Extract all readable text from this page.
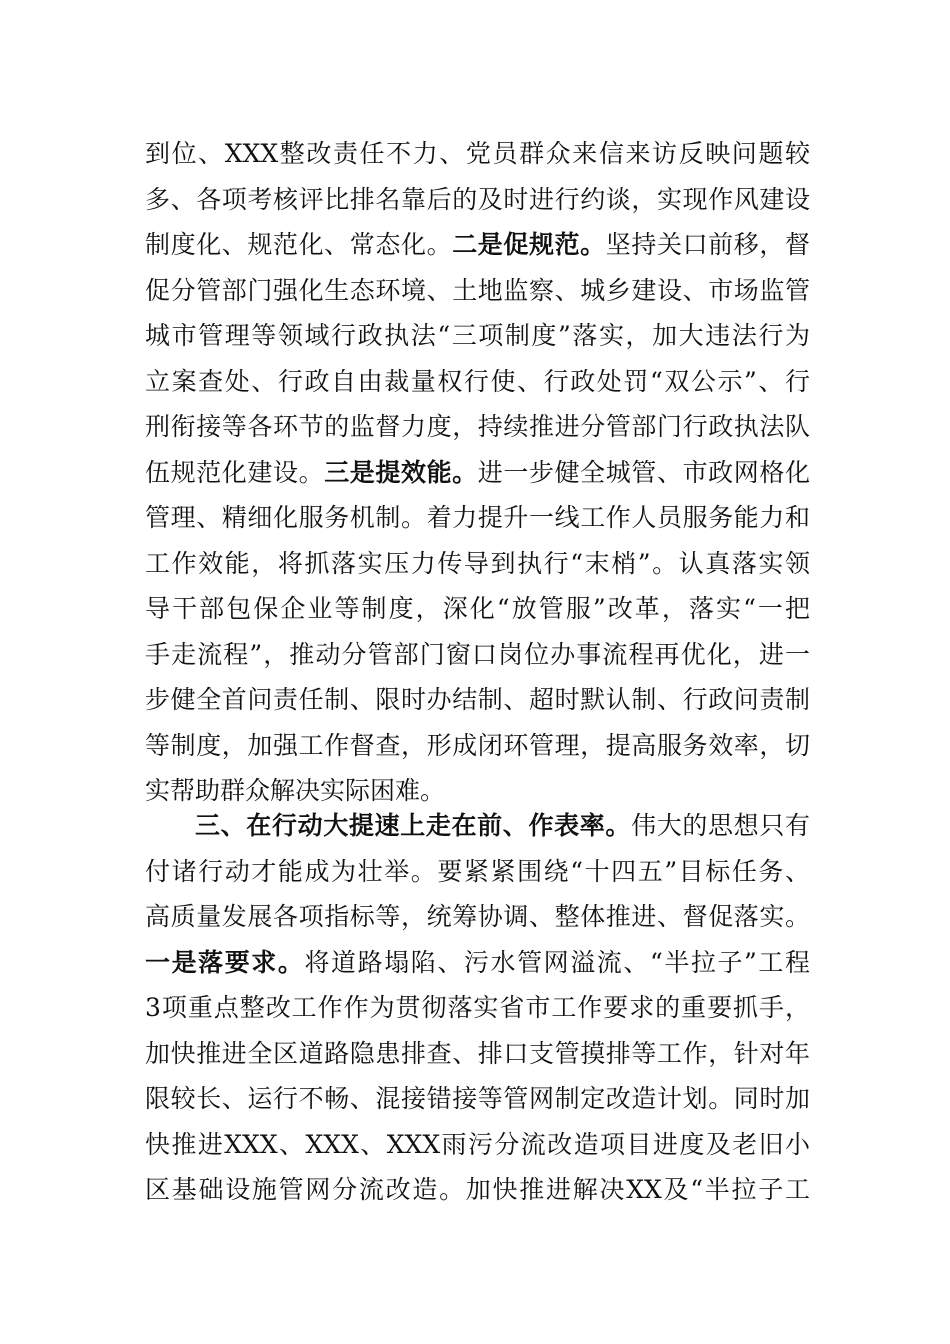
到位、XXX整改责任不力、党员群众来信来访反映问题较
多、各项考核评比排名靠后的及时进行约谈，实现作风建设
制度化、规范化、常态化。二是促规范。坚持关口前移，督
促分管部门强化生态环境、土地监察、城乡建设、市场监管
城市管理等领域行政执法“三项制度”落实，加大违法行为
立案查处、行政自由裁量权行使、行政处罚“双公示”、行
刑衔接等各环节的监督力度，持续推进分管部门行政执法队
伍规范化建设。三是提效能。进一步健全城管、市政网格化
管理、精细化服务机制。着力提升一线工作人员服务能力和
工作效能，将抓落实压力传导到执行“末梢”。认真落实领
导干部包保企业等制度，深化“放管服”改革，落实“一把
手走流程”，推动分管部门窗口岗位办事流程再优化，进一
步健全首问责任制、限时办结制、超时默认制、行政问责制
等制度，加强工作督查，形成闭环管理，提高服务效率，切
实帮助群众解决实际困难。
三、在行动大提速上走在前、作表率。伟大的思想只有
付诸行动才能成为壮举。要紧紧围绕“十四五”目标任务、
高质量发展各项指标等，统筹协调、整体推进、督促落实。
一是落要求。将道路塌陷、污水管网溢流、“半拉子”工程
3项重点整改工作作为贯彻落实省市工作要求的重要抓手，
加快推进全区道路隐患排查、排口支管摸排等工作，针对年
限较长、运行不畅、混接错接等管网制定改造计划。同时加
快推进XXX、XXX、XXX雨污分流改造项目进度及老旧小
区基础设施管网分流改造。加快推进解决XX及“半拉子工
